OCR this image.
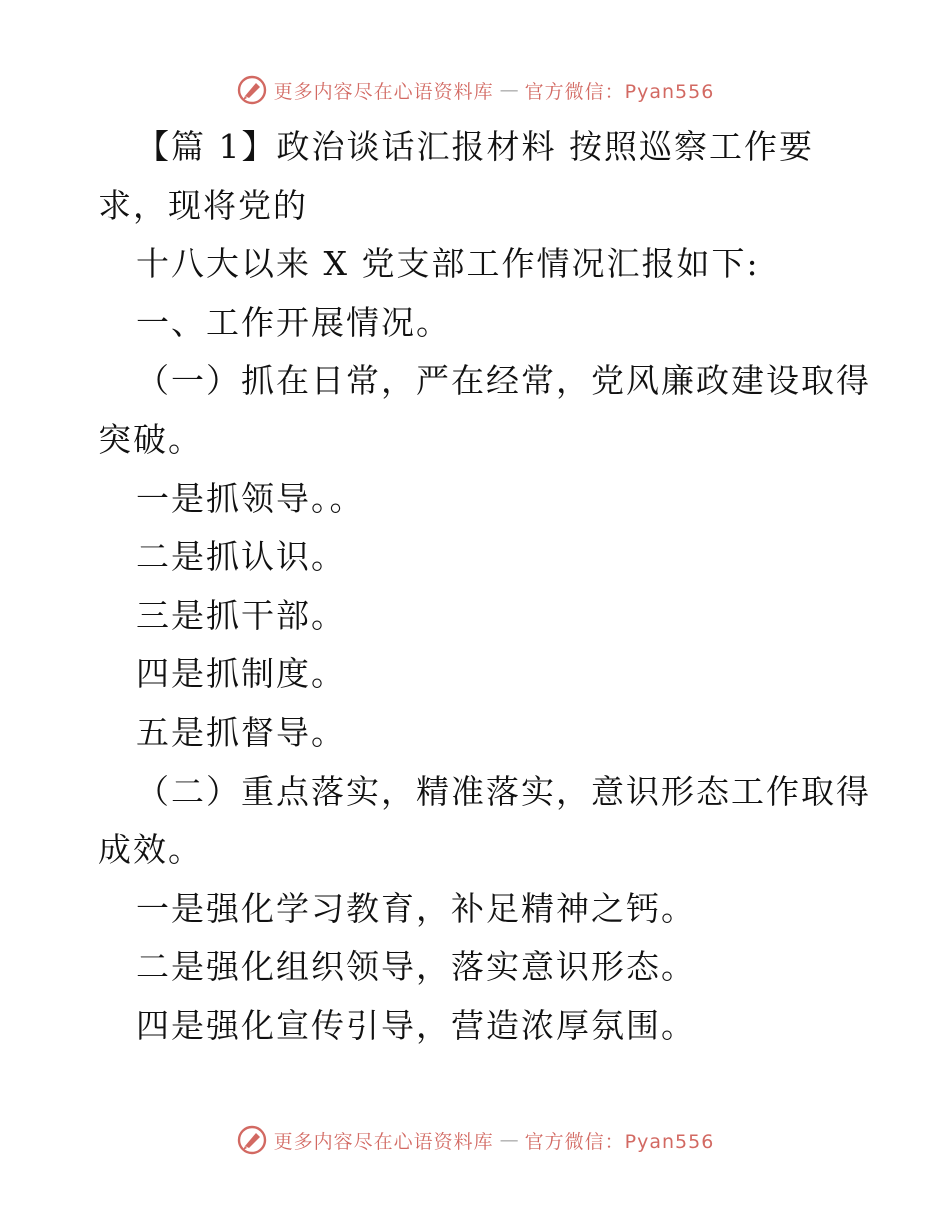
更多内容尽在心语资料库 — 官方微信：Pyan556
【篇 1】政治谈话汇报材料 按照巡察工作要
求，现将党的
十八大以来 X 党支部工作情况汇报如下:
一、工作开展情况。
（一）抓在日常，严在经常，党风廉政建设取得
突破。
一是抓领导。。
二是抓认识。
三是抓干部。
四是抓制度。
五是抓督导。
（二）重点落实，精准落实，意识形态工作取得
成效。
一是强化学习教育，补足精神之钙。
二是强化组织领导，落实意识形态。
四是强化宣传引导，营造浓厚氛围。
更多内容尽在心语资料库 — 官方微信：Pyan556
